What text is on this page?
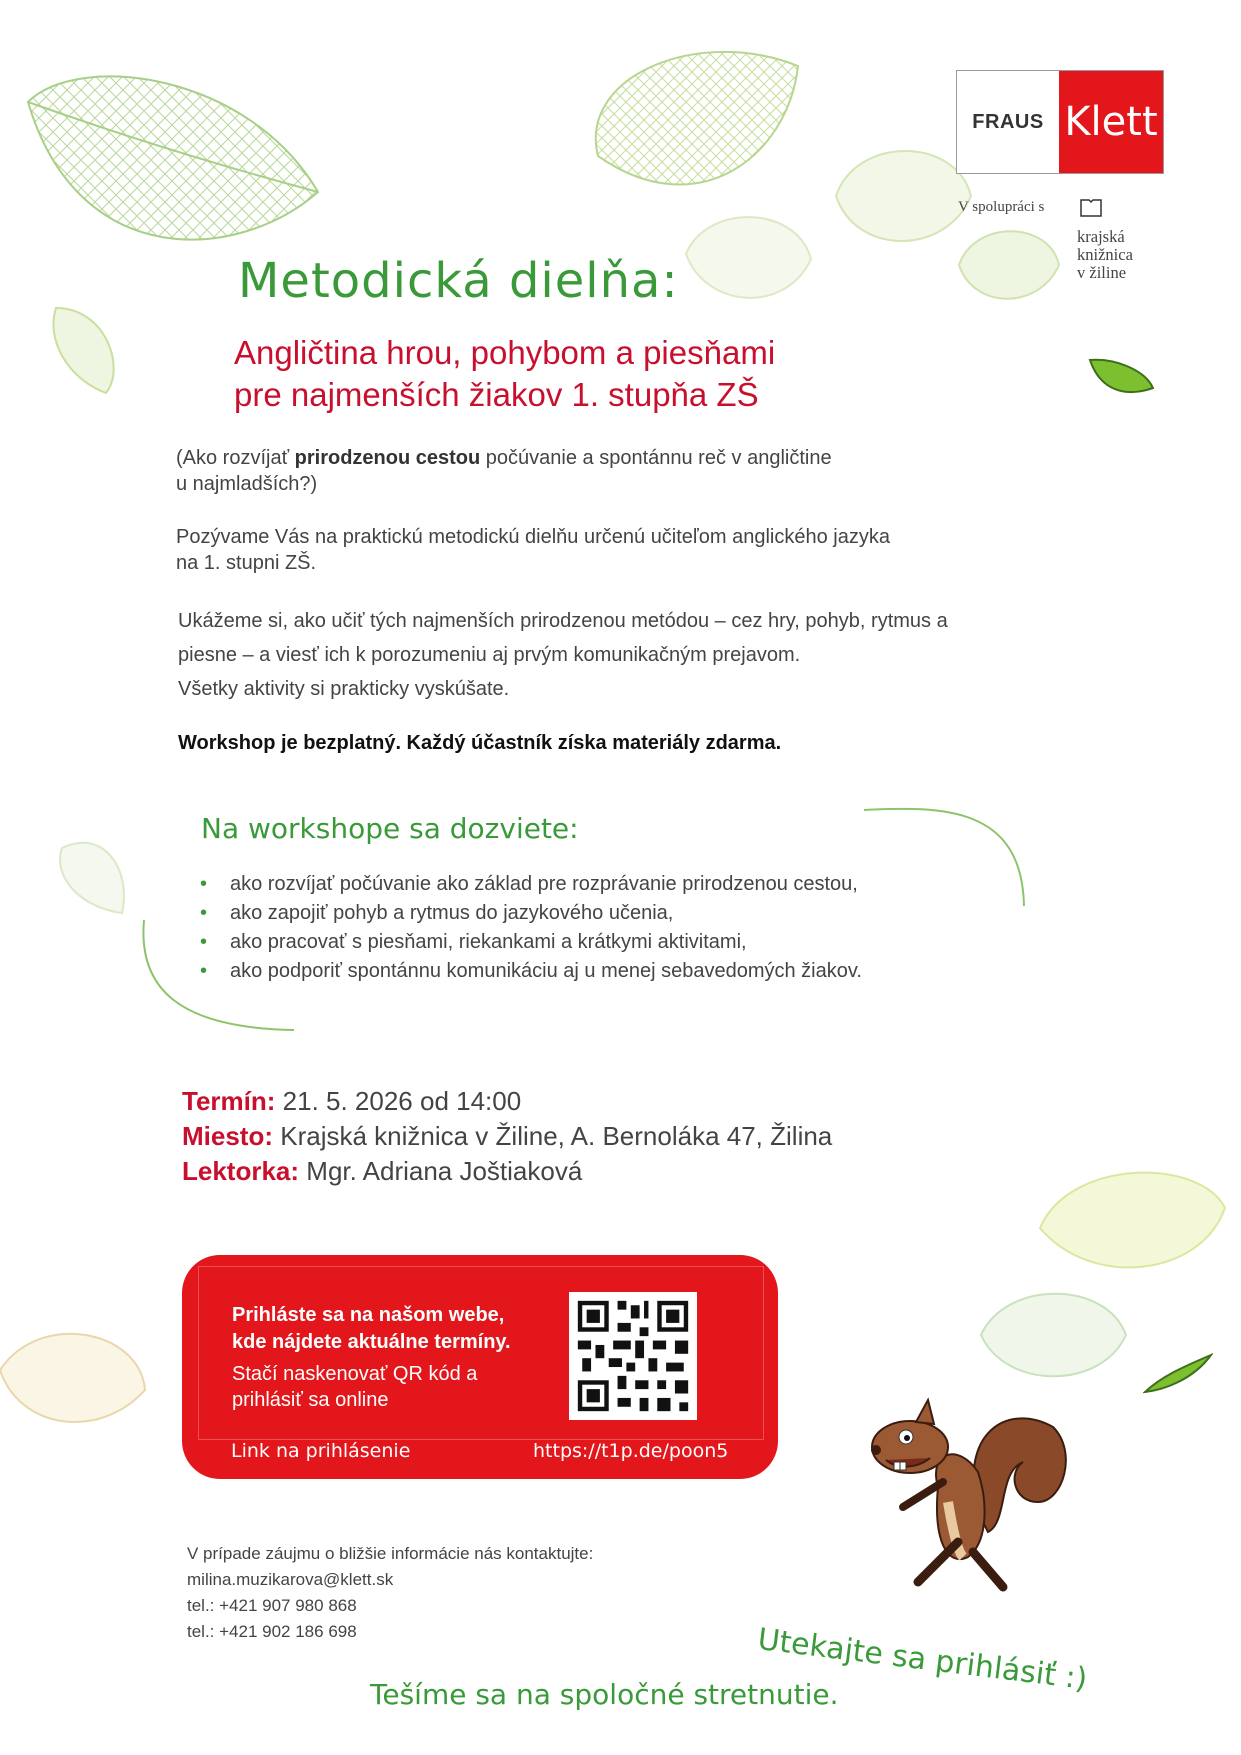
FRAUS Klett
V spolupráci s
krajská
knižnica
v žiline
Metodická dielňa:
Angličtina hrou, pohybom a piesňami
pre najmenších žiakov 1. stupňa ZŠ
(Ako rozvíjať prirodzenou cestou počúvanie a spontánnu reč v angličtine
u najmladších?)
Pozývame Vás na praktickú metodickú dielňu určenú učiteľom anglického jazyka
na 1. stupni ZŠ.
Ukážeme si, ako učiť tých najmenších prirodzenou metódou – cez hry, pohyb, rytmus a
piesne – a viesť ich k porozumeniu aj prvým komunikačným prejavom.
Všetky aktivity si prakticky vyskúšate.
Workshop je bezplatný. Každý účastník získa materiály zdarma.
Na workshope sa dozviete:
• ako rozvíjať počúvanie ako základ pre rozprávanie prirodzenou cestou,
• ako zapojiť pohyb a rytmus do jazykového učenia,
• ako pracovať s piesňami, riekankami a krátkymi aktivitami,
• ako podporiť spontánnu komunikáciu aj u menej sebavedomých žiakov.
Termín: 21. 5. 2026 od 14:00
Miesto: Krajská knižnica v Žiline, A. Bernoláka 47, Žilina
Lektorka: Mgr. Adriana Joštiaková
Prihláste sa na našom webe,
kde nájdete aktuálne termíny.
Stačí naskenovať QR kód a
prihlásiť sa online
Link na prihlásenie	https://t1p.de/poon5
V prípade záujmu o bližšie informácie nás kontaktujte:
milina.muzikarova@klett.sk
tel.: +421 907 980 868
tel.: +421 902 186 698	Utekajte sa prihlásiť :)
Tešíme sa na spoločné stretnutie.
